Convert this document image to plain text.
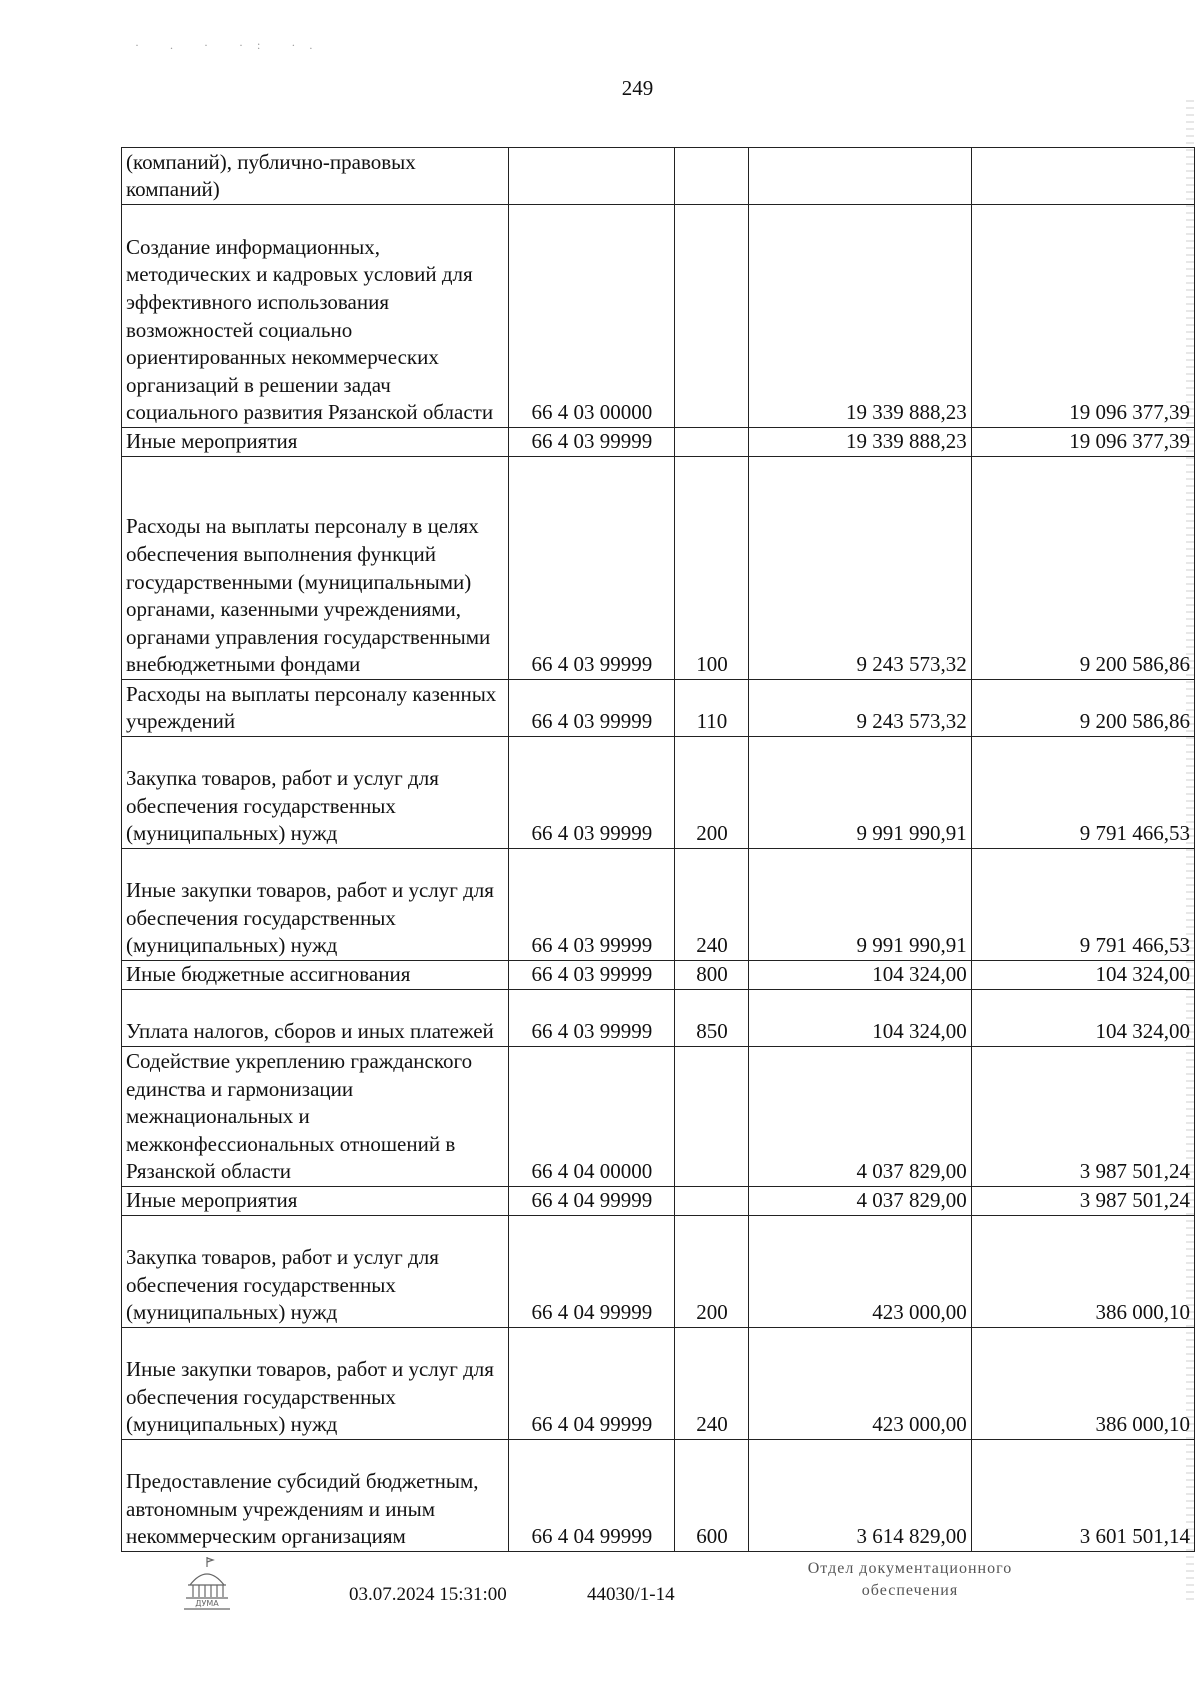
· . · ·: ·.
249
(компаний), публично-правовых компаний)				
Создание информационных, методических и кадровых условий для эффективного использования возможностей социально ориентированных некоммерческих организаций в решении задач социального развития Рязанской области	66 4 03 00000		19 339 888,23	19 096 377,39
Иные мероприятия	66 4 03 99999		19 339 888,23	19 096 377,39
Расходы на выплаты персоналу в целях обеспечения выполнения функций государственными (муниципальными) органами, казенными учреждениями, органами управления государственными внебюджетными фондами	66 4 03 99999	100	9 243 573,32	9 200 586,86
Расходы на выплаты персоналу казенных учреждений	66 4 03 99999	110	9 243 573,32	9 200 586,86
Закупка товаров, работ и услуг для обеспечения государственных (муниципальных) нужд	66 4 03 99999	200	9 991 990,91	9 791 466,53
Иные закупки товаров, работ и услуг для обеспечения государственных (муниципальных) нужд	66 4 03 99999	240	9 991 990,91	9 791 466,53
Иные бюджетные ассигнования	66 4 03 99999	800	104 324,00	104 324,00
Уплата налогов, сборов и иных платежей	66 4 03 99999	850	104 324,00	104 324,00
Содействие укреплению гражданского единства и гармонизации межнациональных и межконфессиональных отношений в Рязанской области	66 4 04 00000		4 037 829,00	3 987 501,24
Иные мероприятия	66 4 04 99999		4 037 829,00	3 987 501,24
Закупка товаров, работ и услуг для обеспечения государственных (муниципальных) нужд	66 4 04 99999	200	423 000,00	386 000,10
Иные закупки товаров, работ и услуг для обеспечения государственных (муниципальных) нужд	66 4 04 99999	240	423 000,00	386 000,10
Предоставление субсидий бюджетным, автономным учреждениям и иным некоммерческим организациям	66 4 04 99999	600	3 614 829,00	3 601 501,14
ДУМА	03.07.2024 15:31:00	44030/1-14
Отдел документационного
обеспечения
